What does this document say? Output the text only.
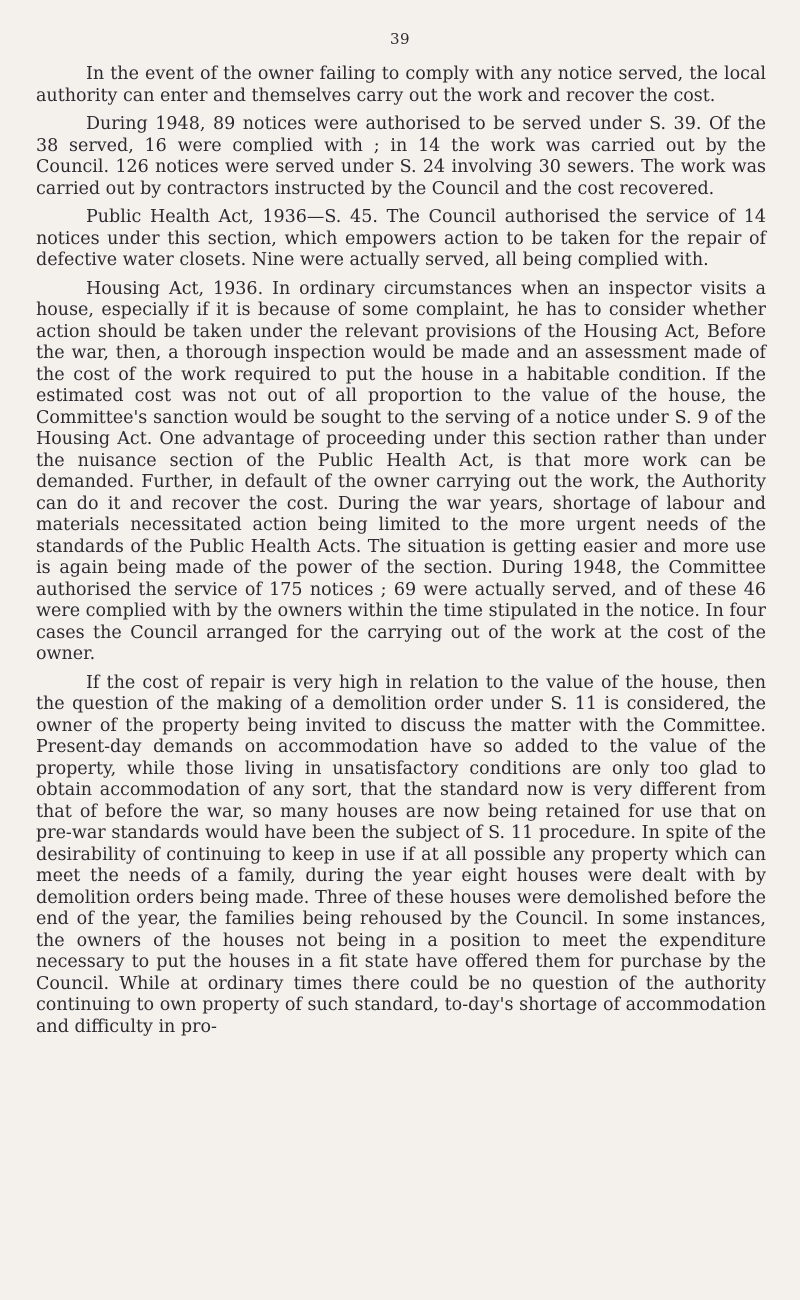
39

In the event of the owner failing to comply with any notice served, the local authority can enter and themselves carry out the work and recover the cost.

During 1948, 89 notices were authorised to be served under S. 39. Of the 38 served, 16 were complied with ; in 14 the work was carried out by the Council. 126 notices were served under S. 24 involving 30 sewers. The work was carried out by contractors instructed by the Council and the cost recovered.

Public Health Act, 1936—S. 45. The Council authorised the service of 14 notices under this section, which empowers action to be taken for the repair of defective water closets. Nine were actually served, all being complied with.

Housing Act, 1936. In ordinary circumstances when an inspector visits a house, especially if it is because of some complaint, he has to consider whether action should be taken under the relevant provisions of the Housing Act, Before the war, then, a thorough inspection would be made and an assessment made of the cost of the work required to put the house in a habitable condition. If the estimated cost was not out of all proportion to the value of the house, the Committee's sanction would be sought to the serving of a notice under S. 9 of the Housing Act. One advantage of proceeding under this section rather than under the nuisance section of the Public Health Act, is that more work can be demanded. Further, in default of the owner carrying out the work, the Authority can do it and recover the cost. During the war years, shortage of labour and materials necessitated action being limited to the more urgent needs of the standards of the Public Health Acts. The situation is getting easier and more use is again being made of the power of the section. During 1948, the Committee authorised the service of 175 notices ; 69 were actually served, and of these 46 were complied with by the owners within the time stipulated in the notice. In four cases the Council arranged for the carrying out of the work at the cost of the owner.

If the cost of repair is very high in relation to the value of the house, then the question of the making of a demolition order under S. 11 is considered, the owner of the property being invited to discuss the matter with the Committee. Present-day demands on accommodation have so added to the value of the property, while those living in unsatisfactory conditions are only too glad to obtain accommodation of any sort, that the standard now is very different from that of before the war, so many houses are now being retained for use that on pre-war standards would have been the subject of S. 11 procedure. In spite of the desirability of continuing to keep in use if at all possible any property which can meet the needs of a family, during the year eight houses were dealt with by demolition orders being made. Three of these houses were demolished before the end of the year, the families being rehoused by the Council. In some instances, the owners of the houses not being in a position to meet the expenditure necessary to put the houses in a fit state have offered them for purchase by the Council. While at ordinary times there could be no question of the authority continuing to own property of such standard, to-day's shortage of accommodation and difficulty in pro-
